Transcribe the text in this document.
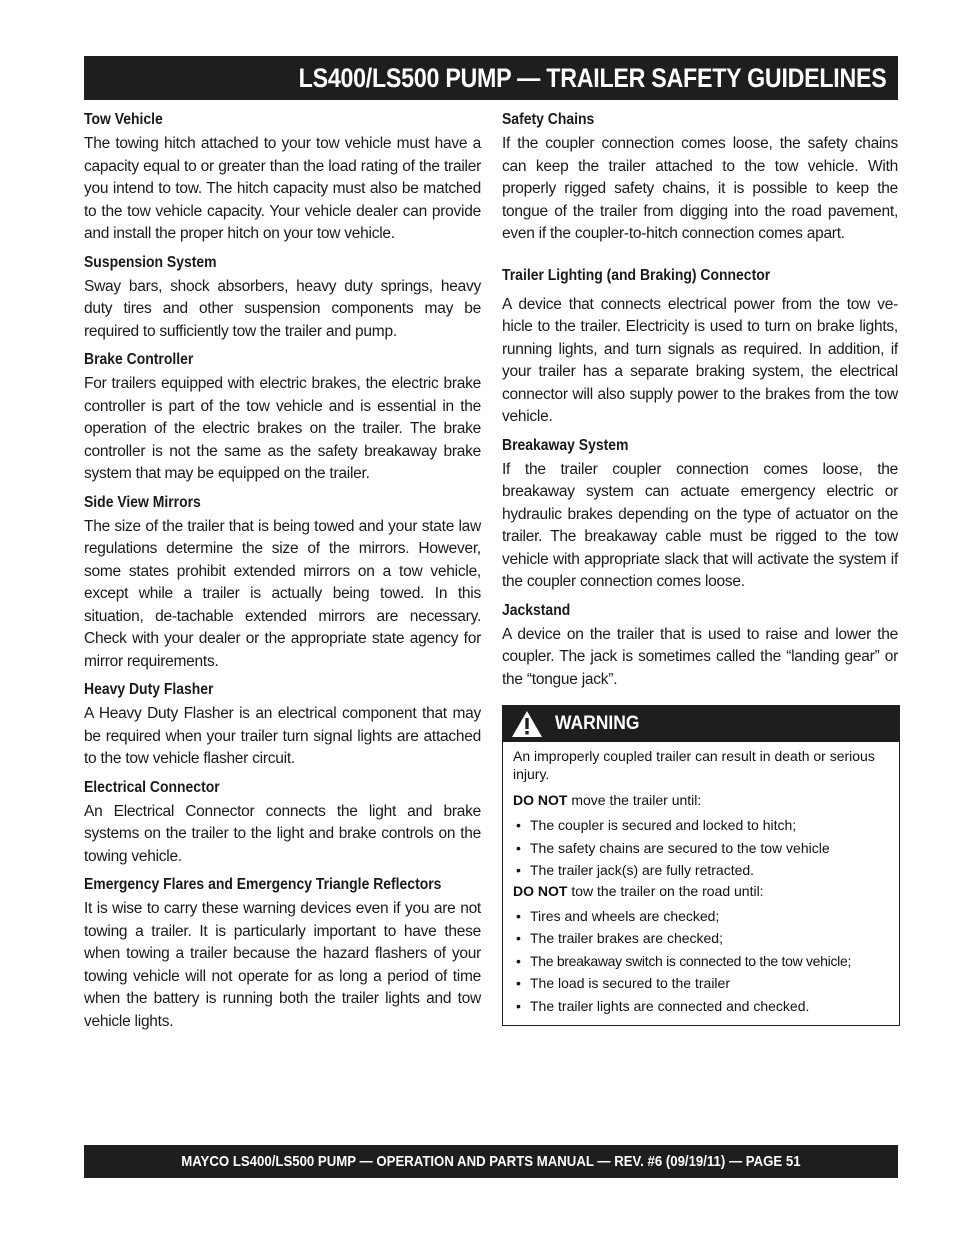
LS400/LS500 PUMP — TRAILER SAFETY GUIDELINES
Tow Vehicle

The towing hitch attached to your tow vehicle must have a capacity equal to or greater than the load rating of the trailer you intend to tow. The hitch capacity must also be matched to the tow vehicle capacity. Your vehicle dealer can provide and install the proper hitch on your tow vehicle.

Suspension System

Sway bars, shock absorbers, heavy duty springs, heavy duty tires and other suspension components may be required to sufficiently tow the trailer and pump.

Brake Controller

For trailers equipped with electric brakes, the electric brake controller is part of the tow vehicle and is essential in the operation of the electric brakes on the trailer. The brake controller is not the same as the safety breakaway brake system that may be equipped on the trailer.

Side View Mirrors

The size of the trailer that is being towed and your state law regulations determine the size of the mirrors. However, some states prohibit extended mirrors on a tow vehicle, except while a trailer is actually being towed. In this situation, de-tachable extended mirrors are necessary. Check with your dealer or the appropriate state agency for mirror requirements.

Heavy Duty Flasher

A Heavy Duty Flasher is an electrical component that may be required when your trailer turn signal lights are attached to the tow vehicle flasher circuit.

Electrical Connector

An Electrical Connector connects the light and brake systems on the trailer to the light and brake controls on the towing vehicle.

Emergency Flares and Emergency Triangle Reflectors

It is wise to carry these warning devices even if you are not towing a trailer. It is particularly important to have these when towing a trailer because the hazard flashers of your towing vehicle will not operate for as long a period of time when the battery is running both the trailer lights and tow vehicle lights.

Safety Chains

If the coupler connection comes loose, the safety chains can keep the trailer attached to the tow vehicle. With properly rigged safety chains, it is possible to keep the tongue of the trailer from digging into the road pavement, even if the coupler-to-hitch connection comes apart.

Trailer Lighting (and Braking) Connector

A device that connects electrical power from the tow ve-hicle to the trailer. Electricity is used to turn on brake lights, running lights, and turn signals as required. In addition, if your trailer has a separate braking system, the electrical connector will also supply power to the brakes from the tow vehicle.

Breakaway System

If the trailer coupler connection comes loose, the breakaway system can actuate emergency electric or hydraulic brakes depending on the type of actuator on the trailer. The breakaway cable must be rigged to the tow vehicle with appropriate slack that will activate the system if the coupler connection comes loose.

Jackstand

A device on the trailer that is used to raise and lower the coupler. The jack is sometimes called the “landing gear” or the “tongue jack”.

WARNING

An improperly coupled trailer can result in death or serious injury.

DO NOT move the trailer until:

• The coupler is secured and locked to hitch;
• The safety chains are secured to the tow vehicle
• The trailer jack(s) are fully retracted.

DO NOT tow the trailer on the road until:

• Tires and wheels are checked;
• The trailer brakes are checked;
• The breakaway switch is connected to the tow vehicle;
• The load is secured to the trailer
• The trailer lights are connected and checked.
MAYCO LS400/LS500 PUMP — OPERATION AND PARTS MANUAL — REV. #6 (09/19/11) — PAGE 51
